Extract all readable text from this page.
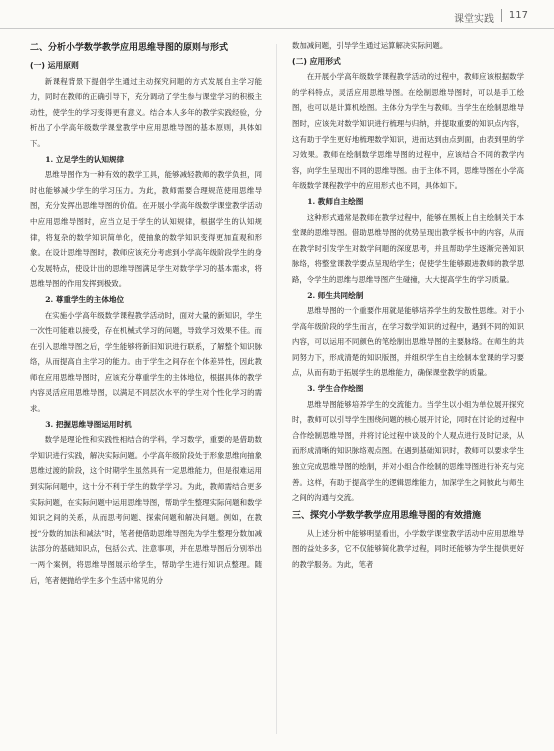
课堂实践 117
二、分析小学数学教学应用思维导图的原则与形式
(一) 运用原则

新课程背景下提倡学生通过主动探究问题的方式发展自主学习能力，同时在教师的正确引导下，充分调动了学生参与课堂学习的积极主动性，使学生的学习变得更有意义。结合本人多年的教学实践经验，分析出了小学高年级数学课堂教学中应用思维导图的基本原则，具体如下。

1. 立足学生的认知规律

思维导图作为一种有效的教学工具，能够减轻教师的教学负担，同时也能够减少学生的学习压力。为此，教师需要合理规范使用思维导图，充分发挥出思维导图的价值。在开展小学高年级数学课堂教学活动中应用思维导图时，应当立足于学生的认知规律，根据学生的认知规律，将复杂的数学知识简单化，使抽象的数学知识变得更加直观和形象。在设计思维导图时，教师应该充分考虑到小学高年级阶段学生的身心发展特点，使设计出的思维导图满足学生对数学学习的基本需求，将思维导图的作用发挥到极致。

2. 尊重学生的主体地位

在实施小学高年级数学课程教学活动时，面对大量的新知识，学生一次性可能难以接受，存在机械式学习的问题，导致学习效果不佳。而在引入思维导图之后，学生能够将新旧知识进行联系，了解整个知识脉络，从而提高自主学习的能力。由于学生之间存在个体差异性，因此教师在应用思维导图时，应该充分尊重学生的主体地位，根据具体的教学内容灵活应用思维导图，以满足不同层次水平的学生对个性化学习的需求。

3. 把握思维导图运用时机

数学是理论性和实践性相结合的学科，学习数学，重要的是借助数学知识进行实践，解决实际问题。小学高年级阶段处于形象思维向抽象思维过渡的阶段，这个时期学生虽然具有一定思维能力，但是很难运用到实际问题中，这十分不利于学生的数学学习。为此，教师需结合更多实际问题，在实际问题中运用思维导图，帮助学生整理实际问题和数学知识之间的关系，从而思考问题、探索问题和解决问题。例如，在教授“分数的加法和减法”时，笔者便借助思维导图先为学生整理分数加减法部分的基础知识点，包括公式、注意事项，并在思维导图后分别举出一两个案例，将思维导图展示给学生，帮助学生进行知识点整理。随后，笔者便抛给学生多个生活中常见的分

数加减问题，引导学生通过运算解决实际问题。

(二) 应用形式

在开展小学高年级数学课程教学活动的过程中，教师应该根据数学的学科特点，灵活应用思维导图。在绘制思维导图时，可以是手工绘图，也可以是计算机绘图。主体分为学生与教师。当学生在绘制思维导图时，应该先对数学知识进行梳理与归纳，并提取重要的知识点内容，这有助于学生更好地梳理数学知识，进而达到由点到面，由表到里的学习效果。教师在绘制数学思维导图的过程中，应该结合不同的教学内容，向学生呈现出不同的思维导图。由于主体不同，思维导图在小学高年级数学课程教学中的应用形式也不同，具体如下。

1. 教师自主绘图

这种形式通常是教师在教学过程中，能够在黑板上自主绘制关于本堂课的思维导图。借助思维导图的优势呈现出教学板书中的内容，从而在教学时引发学生对数学问题的深度思考，并且帮助学生逐渐完善知识脉络，将整堂课教学要点呈现给学生；促使学生能够跟进教师的教学思路，令学生的思维与思维导图产生碰撞，大大提高学生的学习质量。

2. 师生共同绘制

思维导图的一个重要作用就是能够培养学生的发散性思维。对于小学高年级阶段的学生而言，在学习数学知识的过程中，遇到不同的知识内容，可以运用不同颜色的笔绘制出思维导图的主要脉络。在师生的共同努力下，形成清楚的知识版图，并组织学生自主绘制本堂课的学习要点，从而有助于拓展学生的思维能力，确保课堂教学的质量。

3. 学生合作绘图

思维导图能够培养学生的交流能力。当学生以小组为单位展开探究时，教师可以引导学生围绕问题的核心展开讨论，同时在讨论的过程中合作绘制思维导图，并将讨论过程中谈及的个人观点进行及时记录，从而形成清晰的知识脉络观点图。在遇到基础知识时，教师可以要求学生独立完成思维导图的绘制，并对小组合作绘制的思维导图进行补充与完善。这样，有助于提高学生的逻辑思维能力，加深学生之间彼此与师生之间的沟通与交流。

三、探究小学数学教学应用思维导图的有效措施

从上述分析中能够明显看出，小学数学课堂教学活动中应用思维导图的益处多多，它不仅能够简化教学过程，同时还能够为学生提供更好的教学服务。为此，笔者
